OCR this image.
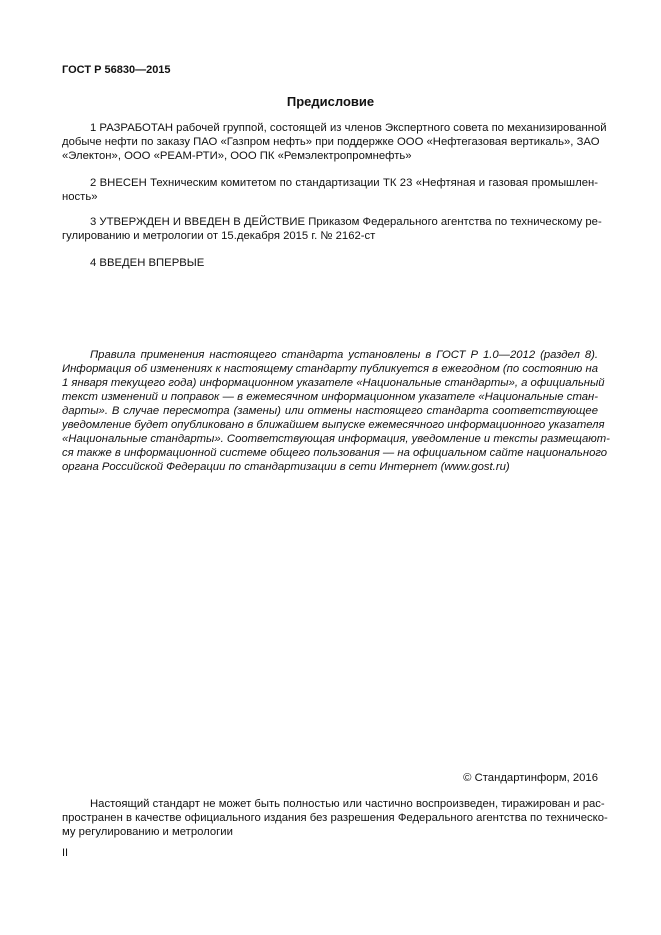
ГОСТ Р 56830—2015
Предисловие
1 РАЗРАБОТАН рабочей группой, состоящей из членов Экспертного совета по механизированной
добыче нефти по заказу ПАО «Газпром нефть» при поддержке ООО «Нефтегазовая вертикаль», ЗАО
«Электон», ООО «РЕАМ-РТИ», ООО ПК «Ремэлектропромнефть»
2 ВНЕСЕН Техническим комитетом по стандартизации ТК 23 «Нефтяная и газовая промышлен-
ность»
3 УТВЕРЖДЕН И ВВЕДЕН В ДЕЙСТВИЕ Приказом Федерального агентства по техническому ре-
гулированию и метрологии от 15.декабря 2015 г. № 2162-ст
4 ВВЕДЕН ВПЕРВЫЕ
Правила применения настоящего стандарта установлены в ГОСТ Р 1.0—2012 (раздел 8).
Информация об изменениях к настоящему стандарту публикуется в ежегодном (по состоянию на
1 января текущего года) информационном указателе «Национальные стандарты», а официальный
текст изменений и поправок — в ежемесячном информационном указателе «Национальные стан-
дарты». В случае пересмотра (замены) или отмены настоящего стандарта соответствующее
уведомление будет опубликовано в ближайшем выпуске ежемесячного информационного указателя
«Национальные стандарты». Соответствующая информация, уведомление и тексты размещают-
ся также в информационной системе общего пользования — на официальном сайте национального
органа Российской Федерации по стандартизации в сети Интернет (www.gost.ru)
© Стандартинформ, 2016
Настоящий стандарт не может быть полностью или частично воспроизведен, тиражирован и рас-
пространен в качестве официального издания без разрешения Федерального агентства по техническо-
му регулированию и метрологии
II
